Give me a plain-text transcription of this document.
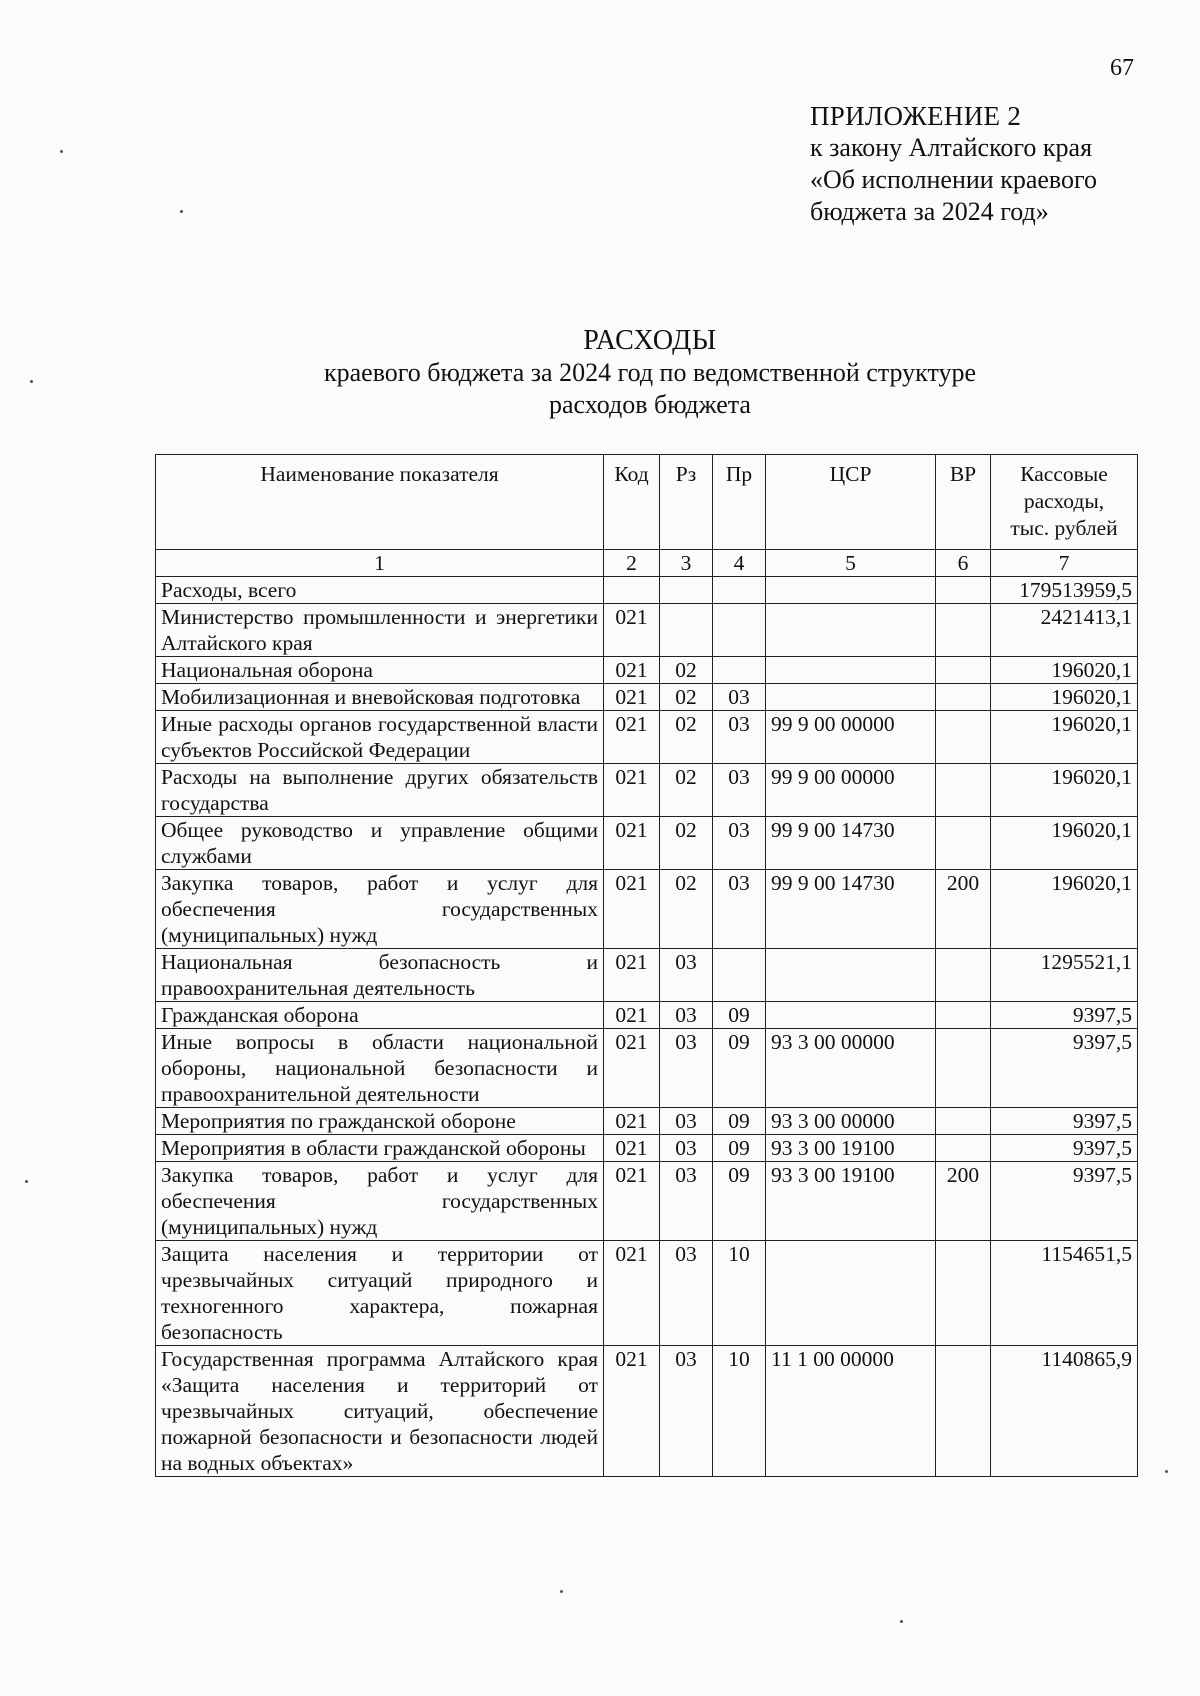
67
ПРИЛОЖЕНИЕ 2
к закону Алтайского края
«Об исполнении краевого
бюджета за 2024 год»
РАСХОДЫ
краевого бюджета за 2024 год по ведомственной структуре
расходов бюджета
Наименование показателя	Код	Рз	Пр	ЦСР	ВР	Кассовые
расходы,
тыс. рублей

1	2	3	4	5	6	7
Расходы, всего						179513959,5
Министерство промышленности и энергетики Алтайского края	021					2421413,1
Национальная оборона	021	02				196020,1
Мобилизационная и вневойсковая подготовка	021	02	03			196020,1
Иные расходы органов государственной власти субъектов Российской Федерации	021	02	03	99 9 00 00000		196020,1
Расходы на выполнение других обязательств государства	021	02	03	99 9 00 00000		196020,1
Общее руководство и управление общими службами	021	02	03	99 9 00 14730		196020,1
Закупка товаров, работ и услуг для обеспечения государственных (муниципальных) нужд	021	02	03	99 9 00 14730	200	196020,1
Национальная безопасность и правоохранительная деятельность	021	03				1295521,1
Гражданская оборона	021	03	09			9397,5
Иные вопросы в области национальной обороны, национальной безопасности и правоохранительной деятельности	021	03	09	93 3 00 00000		9397,5
Мероприятия по гражданской обороне	021	03	09	93 3 00 00000		9397,5
Мероприятия в области гражданской обороны	021	03	09	93 3 00 19100		9397,5
Закупка товаров, работ и услуг для обеспечения государственных (муниципальных) нужд	021	03	09	93 3 00 19100	200	9397,5
Защита населения и территории от чрезвычайных ситуаций природного и техногенного характера, пожарная безопасность	021	03	10			1154651,5
Государственная программа Алтайского края «Защита населения и территорий от чрезвычайных ситуаций, обеспечение пожарной безопасности и безопасности людей на водных объектах»	021	03	10	11 1 00 00000		1140865,9
